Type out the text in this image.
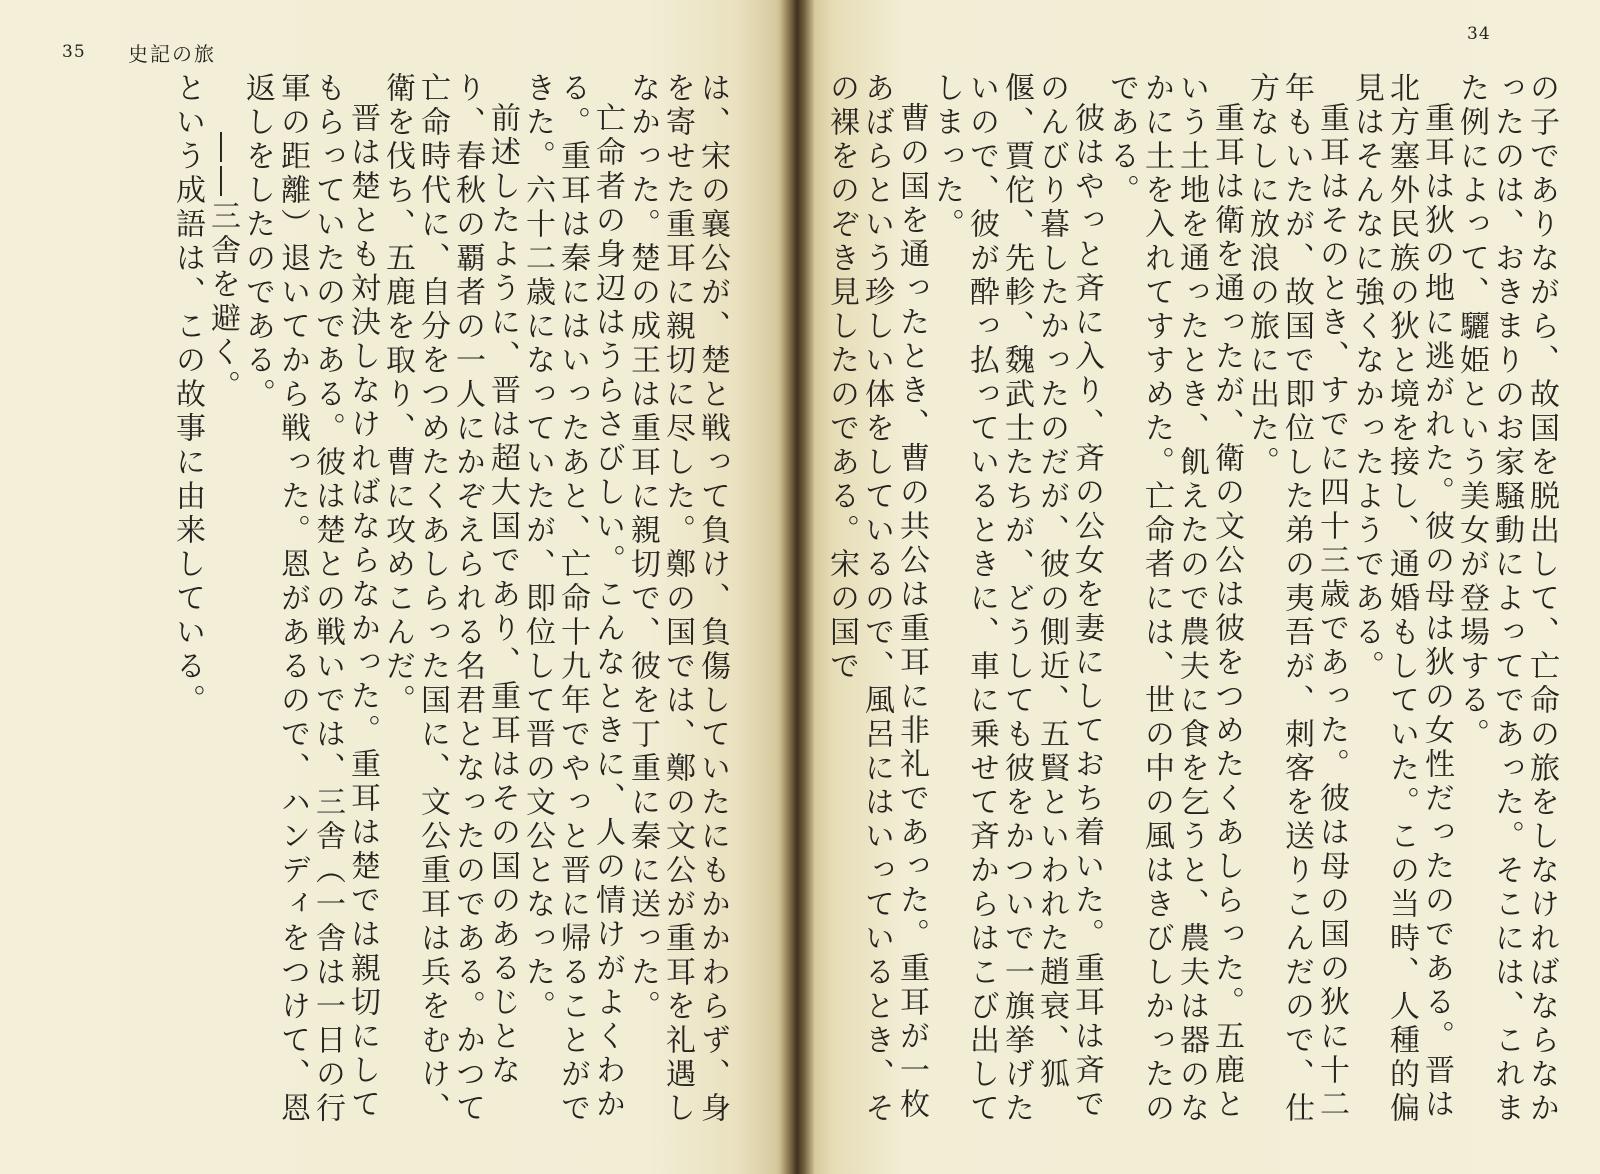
35 史記の旅

は、宋の襄公が、楚と戦って負け、負傷していたにもかかわらず、身を寄せた重耳に親切に尽した。鄭の国では、鄭の文公が重耳を礼遇しなかった。楚の成王は重耳に親切で、彼を丁重に秦に送った。

亡命者の身辺はうらさびしい。こんなときに、人の情けがよくわかる。重耳は秦にはいったあと、亡命十九年でやっと晋に帰ることができた。六十二歳になっていたが、即位して晋の文公となった。

前述したように、晋は超大国であり、重耳はその国のあるじとなり、春秋の覇者の一人にかぞえられる名君となったのである。かつて亡命時代に、自分をつめたくあしらった国に、文公重耳は兵をむけ、衛を伐ち、五鹿を取り、曹に攻めこんだ。

晋は楚とも対決しなければならなかった。重耳は楚では親切にしてもらっていたのである。彼は楚との戦いでは、三舎（一舎は一日の行軍の距離）退いてから戦った。恩があるので、ハンディをつけて、恩返しをしたのである。

――三舎を避く。

という成語は、この故事に由来している。

34

の子でありながら、故国を脱出して、亡命の旅をしなければならなかったのは、おきまりのお家騒動によってであった。そこには、これまた例によって、驪姫という美女が登場する。

重耳は狄の地に逃がれた。彼の母は狄の女性だったのである。晋は北方塞外民族の狄と境を接し、通婚もしていた。この当時、人種的偏見はそんなに強くなかったようである。

重耳はそのとき、すでに四十三歳であった。彼は母の国の狄に十二年もいたが、故国で即位した弟の夷吾が、刺客を送りこんだので、仕方なしに放浪の旅に出た。

重耳は衛を通ったが、衛の文公は彼をつめたくあしらった。五鹿という土地を通ったとき、飢えたので農夫に食を乞うと、農夫は器のなかに土を入れてすすめた。亡命者には、世の中の風はきびしかったのである。

彼はやっと斉に入り、斉の公女を妻にしておち着いた。重耳は斉でのんびり暮したかったのだが、彼の側近、五賢といわれた趙衰、狐偃、賈佗、先軫、魏武士たちが、どうしても彼をかついで一旗挙げたいので、彼が酔っ払っているときに、車に乗せて斉からはこび出してしまった。

曹の国を通ったとき、曹の共公は重耳に非礼であった。重耳が一枚あばらという珍しい体をしているので、風呂にはいっているとき、その裸をのぞき見したのである。宋の国で
